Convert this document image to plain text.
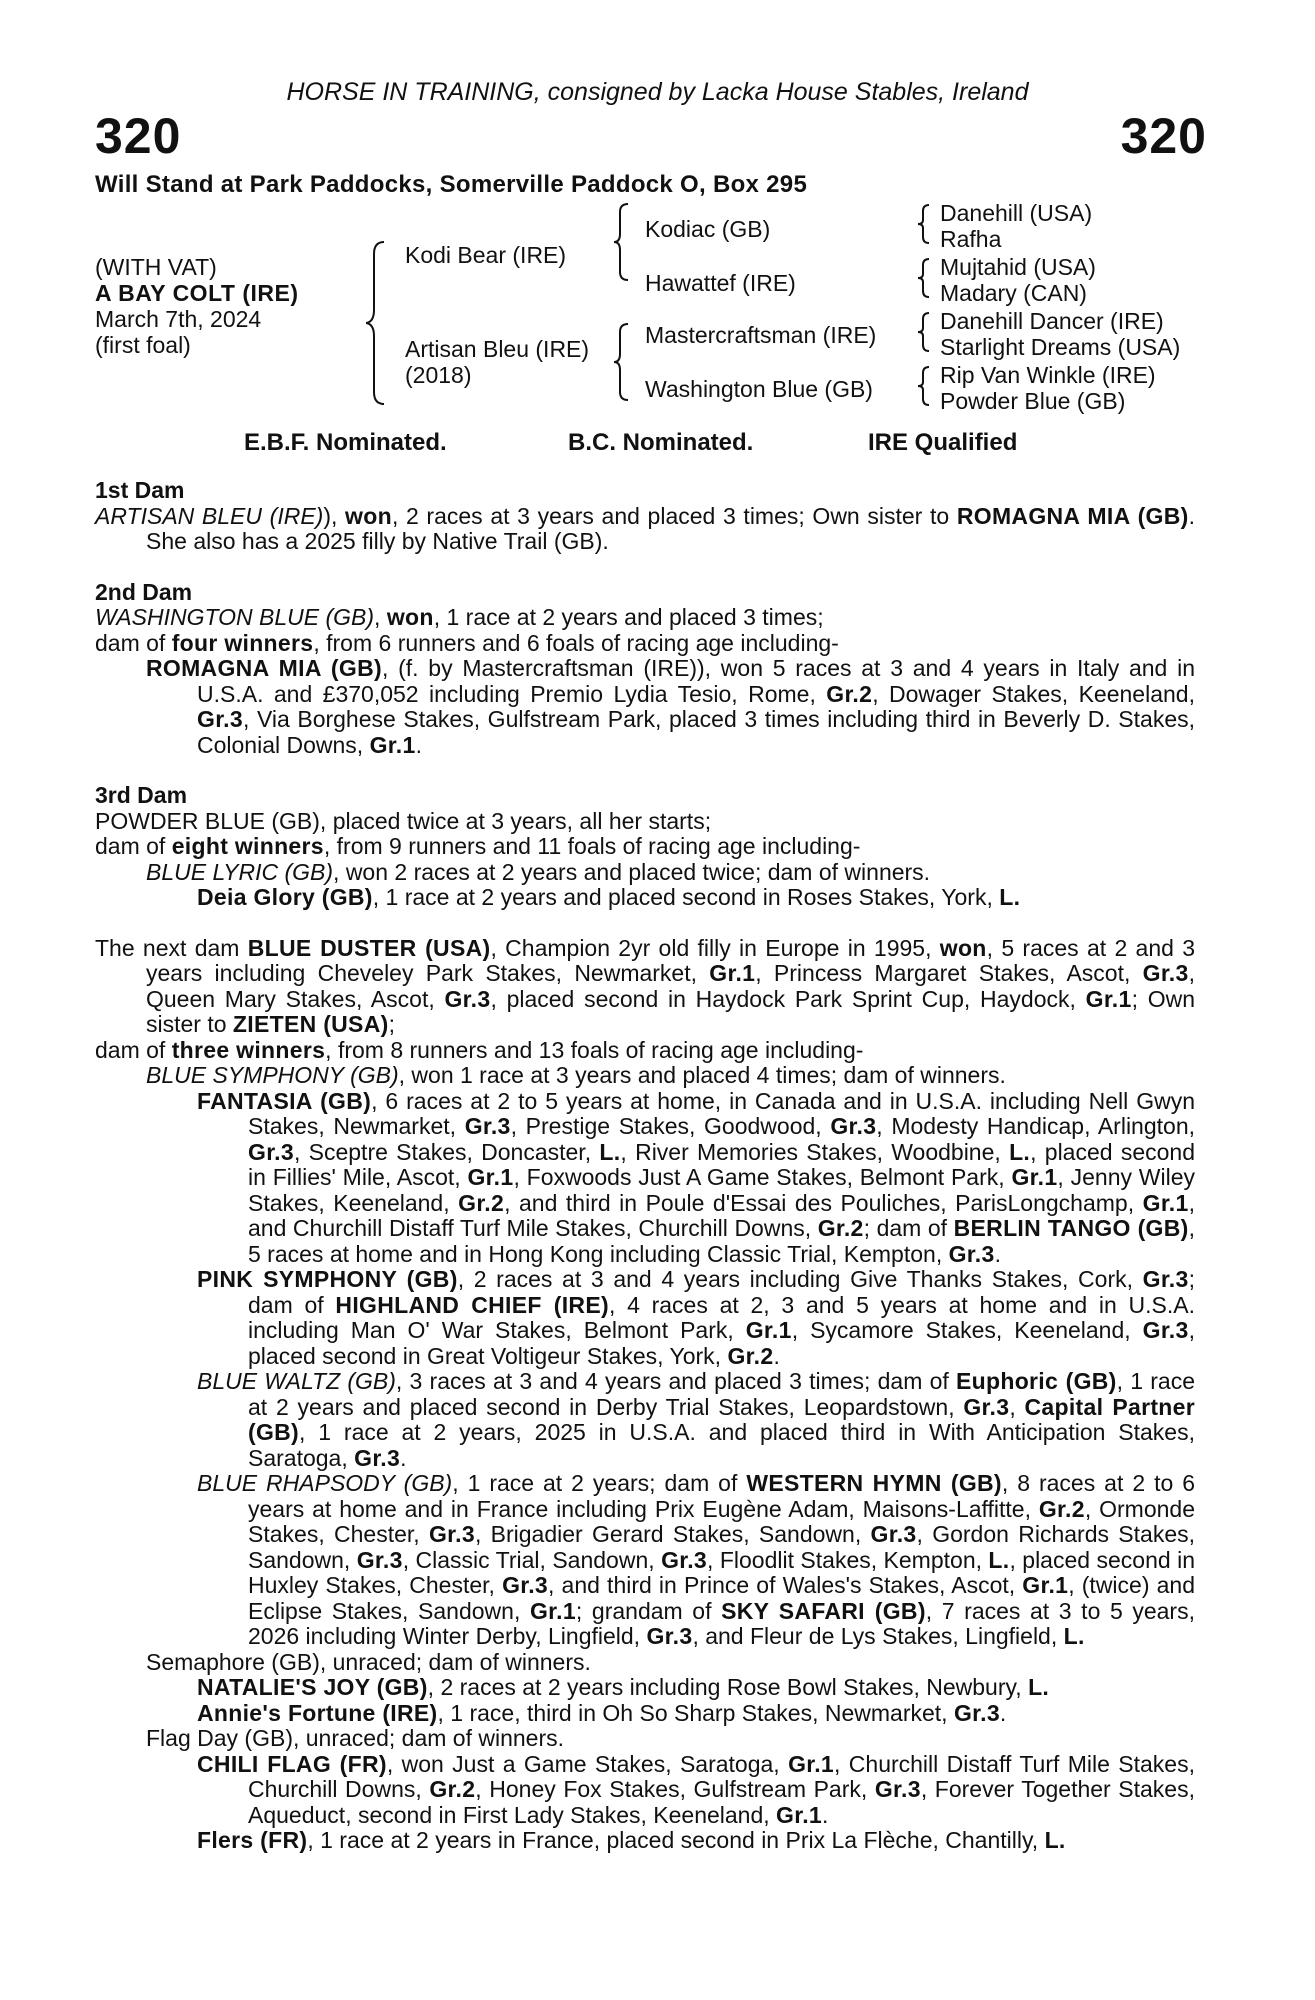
HORSE IN TRAINING, consigned by Lacka House Stables, Ireland
320	320
Will Stand at Park Paddocks, Somerville Paddock O, Box 295
(WITH VAT)
A BAY COLT (IRE)
March 7th, 2024
(first foal)
Kodi Bear (IRE)
Kodiac (GB)
Hawattef (IRE)
Danehill (USA)
Rafha
Mujtahid (USA)
Madary (CAN)
Artisan Bleu (IRE)
(2018)
Mastercraftsman (IRE)
Washington Blue (GB)
Danehill Dancer (IRE)
Starlight Dreams (USA)
Rip Van Winkle (IRE)
Powder Blue (GB)
E.B.F. Nominated.	B.C. Nominated.	IRE Qualified
1st Dam
ARTISAN BLEU (IRE)), won, 2 races at 3 years and placed 3 times; Own sister to ROMAGNA MIA (GB). She also has a 2025 filly by Native Trail (GB).
2nd Dam
WASHINGTON BLUE (GB), won, 1 race at 2 years and placed 3 times;
dam of four winners, from 6 runners and 6 foals of racing age including-
ROMAGNA MIA (GB), (f. by Mastercraftsman (IRE)), won 5 races at 3 and 4 years in Italy and in U.S.A. and £370,052 including Premio Lydia Tesio, Rome, Gr.2, Dowager Stakes, Keeneland, Gr.3, Via Borghese Stakes, Gulfstream Park, placed 3 times including third in Beverly D. Stakes, Colonial Downs, Gr.1.
3rd Dam
POWDER BLUE (GB), placed twice at 3 years, all her starts;
dam of eight winners, from 9 runners and 11 foals of racing age including-
BLUE LYRIC (GB), won 2 races at 2 years and placed twice; dam of winners.
Deia Glory (GB), 1 race at 2 years and placed second in Roses Stakes, York, L.
The next dam BLUE DUSTER (USA), Champion 2yr old filly in Europe in 1995, won, 5 races at 2 and 3 years including Cheveley Park Stakes, Newmarket, Gr.1, Princess Margaret Stakes, Ascot, Gr.3, Queen Mary Stakes, Ascot, Gr.3, placed second in Haydock Park Sprint Cup, Haydock, Gr.1; Own sister to ZIETEN (USA);
dam of three winners, from 8 runners and 13 foals of racing age including-
BLUE SYMPHONY (GB), won 1 race at 3 years and placed 4 times; dam of winners.
FANTASIA (GB), 6 races at 2 to 5 years at home, in Canada and in U.S.A. including Nell Gwyn Stakes, Newmarket, Gr.3, Prestige Stakes, Goodwood, Gr.3, Modesty Handicap, Arlington, Gr.3, Sceptre Stakes, Doncaster, L., River Memories Stakes, Woodbine, L., placed second in Fillies' Mile, Ascot, Gr.1, Foxwoods Just A Game Stakes, Belmont Park, Gr.1, Jenny Wiley Stakes, Keeneland, Gr.2, and third in Poule d'Essai des Pouliches, ParisLongchamp, Gr.1, and Churchill Distaff Turf Mile Stakes, Churchill Downs, Gr.2; dam of BERLIN TANGO (GB), 5 races at home and in Hong Kong including Classic Trial, Kempton, Gr.3.
PINK SYMPHONY (GB), 2 races at 3 and 4 years including Give Thanks Stakes, Cork, Gr.3; dam of HIGHLAND CHIEF (IRE), 4 races at 2, 3 and 5 years at home and in U.S.A. including Man O' War Stakes, Belmont Park, Gr.1, Sycamore Stakes, Keeneland, Gr.3, placed second in Great Voltigeur Stakes, York, Gr.2.
BLUE WALTZ (GB), 3 races at 3 and 4 years and placed 3 times; dam of Euphoric (GB), 1 race at 2 years and placed second in Derby Trial Stakes, Leopardstown, Gr.3, Capital Partner (GB), 1 race at 2 years, 2025 in U.S.A. and placed third in With Anticipation Stakes, Saratoga, Gr.3.
BLUE RHAPSODY (GB), 1 race at 2 years; dam of WESTERN HYMN (GB), 8 races at 2 to 6 years at home and in France including Prix Eugène Adam, Maisons-Laffitte, Gr.2, Ormonde Stakes, Chester, Gr.3, Brigadier Gerard Stakes, Sandown, Gr.3, Gordon Richards Stakes, Sandown, Gr.3, Classic Trial, Sandown, Gr.3, Floodlit Stakes, Kempton, L., placed second in Huxley Stakes, Chester, Gr.3, and third in Prince of Wales's Stakes, Ascot, Gr.1, (twice) and Eclipse Stakes, Sandown, Gr.1; grandam of SKY SAFARI (GB), 7 races at 3 to 5 years, 2026 including Winter Derby, Lingfield, Gr.3, and Fleur de Lys Stakes, Lingfield, L.
Semaphore (GB), unraced; dam of winners.
NATALIE'S JOY (GB), 2 races at 2 years including Rose Bowl Stakes, Newbury, L.
Annie's Fortune (IRE), 1 race, third in Oh So Sharp Stakes, Newmarket, Gr.3.
Flag Day (GB), unraced; dam of winners.
CHILI FLAG (FR), won Just a Game Stakes, Saratoga, Gr.1, Churchill Distaff Turf Mile Stakes, Churchill Downs, Gr.2, Honey Fox Stakes, Gulfstream Park, Gr.3, Forever Together Stakes, Aqueduct, second in First Lady Stakes, Keeneland, Gr.1.
Flers (FR), 1 race at 2 years in France, placed second in Prix La Flèche, Chantilly, L.
